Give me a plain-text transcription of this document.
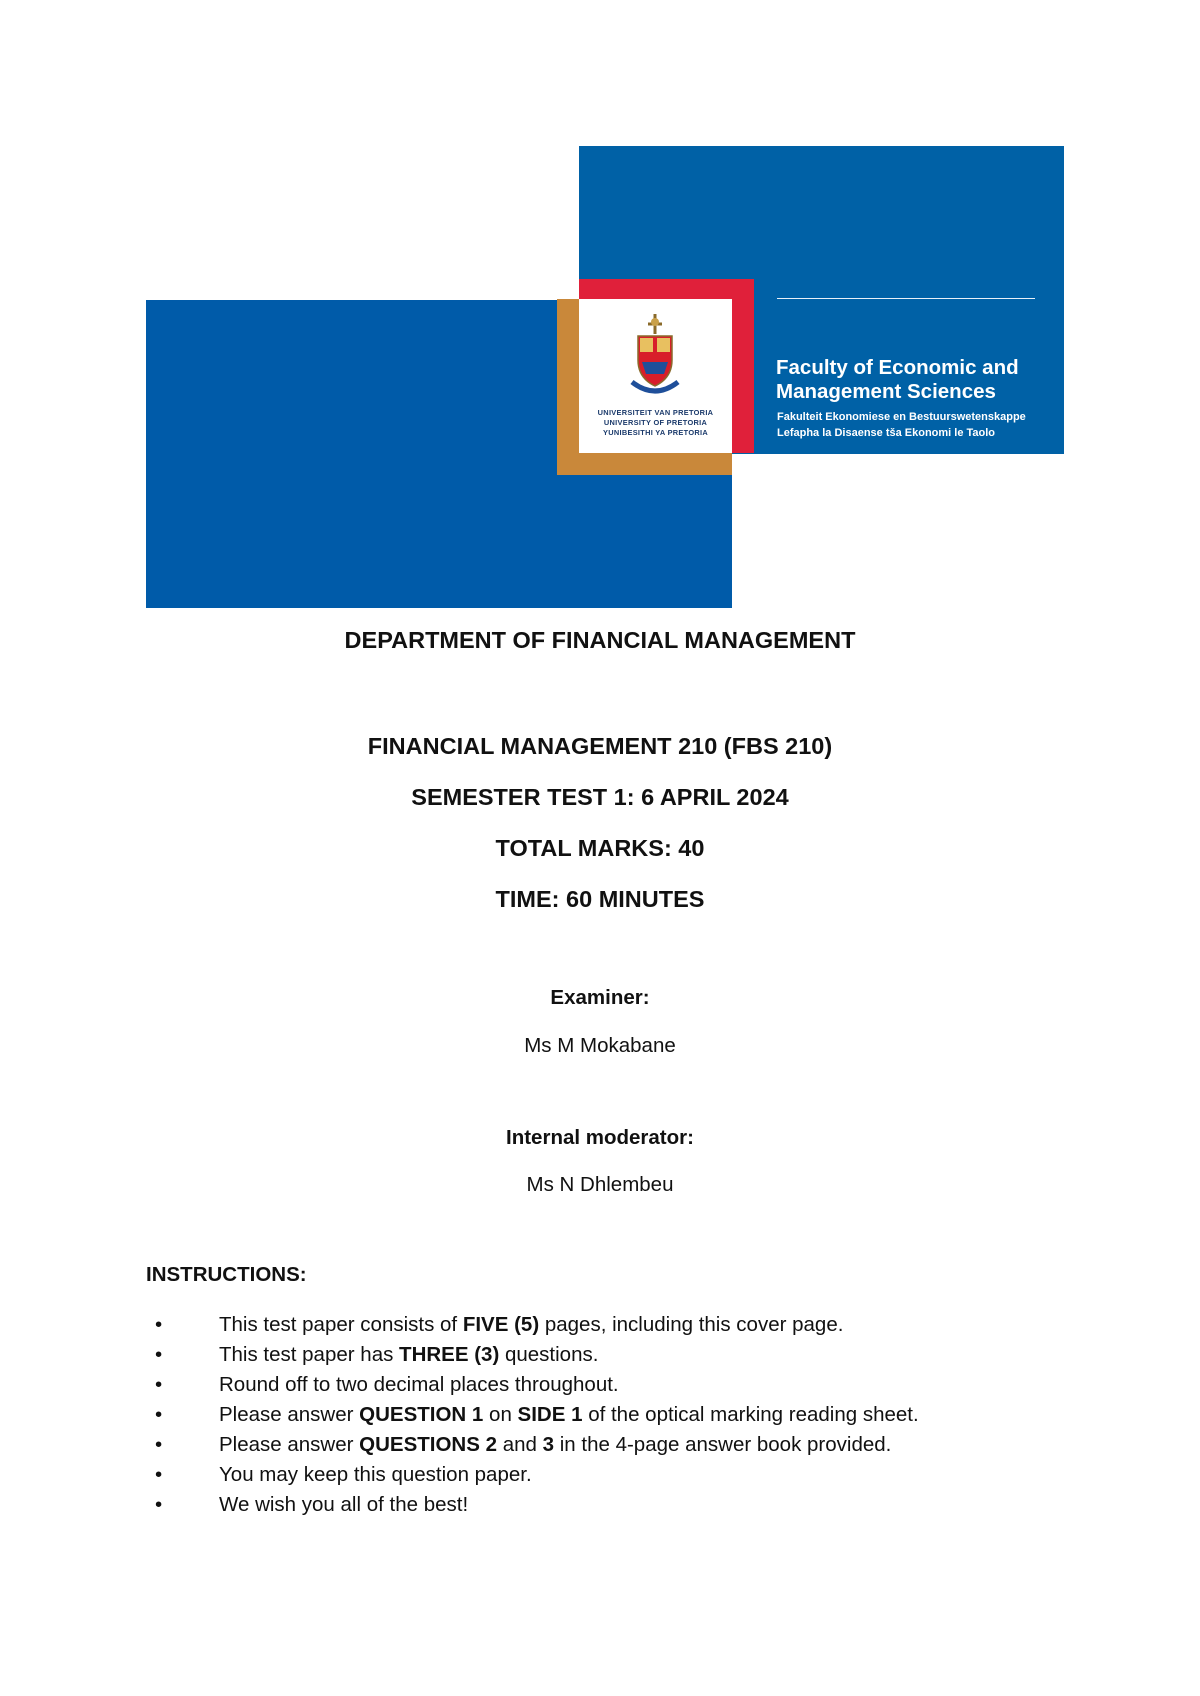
UNIVERSITEIT VAN PRETORIA
UNIVERSITY OF PRETORIA
YUNIBESITHI YA PRETORIA
Faculty of Economic and
Management Sciences
Fakulteit Ekonomiese en Bestuurswetenskappe
Lefapha la Disaense tša Ekonomi le Taolo
DEPARTMENT OF FINANCIAL MANAGEMENT
FINANCIAL MANAGEMENT 210 (FBS 210)
SEMESTER TEST 1: 6 APRIL 2024
TOTAL MARKS: 40
TIME: 60 MINUTES
Examiner:
Ms M Mokabane
Internal moderator:
Ms N Dhlembeu
INSTRUCTIONS:
•	This test paper consists of FIVE (5) pages, including this cover page.
•	This test paper has THREE (3) questions.
•	Round off to two decimal places throughout.
•	Please answer QUESTION 1 on SIDE 1 of the optical marking reading sheet.
•	Please answer QUESTIONS 2 and 3 in the 4-page answer book provided.
•	You may keep this question paper.
•	We wish you all of the best!
